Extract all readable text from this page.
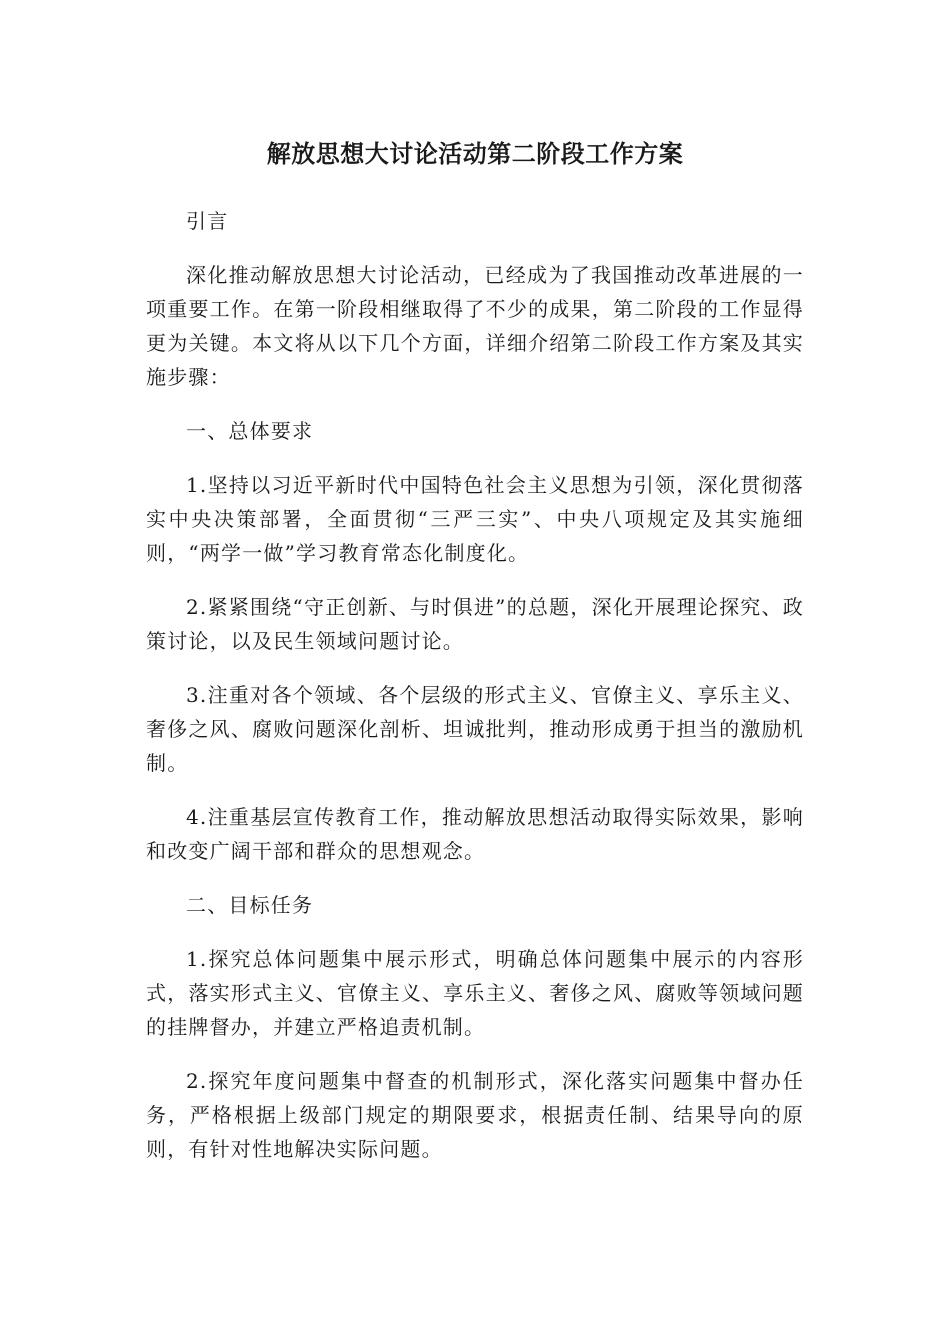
解放思想大讨论活动第二阶段工作方案

引言

深化推动解放思想大讨论活动，已经成为了我国推动改革进展的一项重要工作。在第一阶段相继取得了不少的成果，第二阶段的工作显得更为关键。本文将从以下几个方面，详细介绍第二阶段工作方案及其实施步骤：

一、总体要求

1.坚持以习近平新时代中国特色社会主义思想为引领，深化贯彻落实中央决策部署，全面贯彻“三严三实”、中央八项规定及其实施细则，“两学一做”学习教育常态化制度化。

2.紧紧围绕“守正创新、与时俱进”的总题，深化开展理论探究、政策讨论，以及民生领域问题讨论。

3.注重对各个领域、各个层级的形式主义、官僚主义、享乐主义、奢侈之风、腐败问题深化剖析、坦诚批判，推动形成勇于担当的激励机制。

4.注重基层宣传教育工作，推动解放思想活动取得实际效果，影响和改变广阔干部和群众的思想观念。

二、目标任务

1.探究总体问题集中展示形式，明确总体问题集中展示的内容形式，落实形式主义、官僚主义、享乐主义、奢侈之风、腐败等领域问题的挂牌督办，并建立严格追责机制。

2.探究年度问题集中督查的机制形式，深化落实问题集中督办任务，严格根据上级部门规定的期限要求，根据责任制、结果导向的原则，有针对性地解决实际问题。
